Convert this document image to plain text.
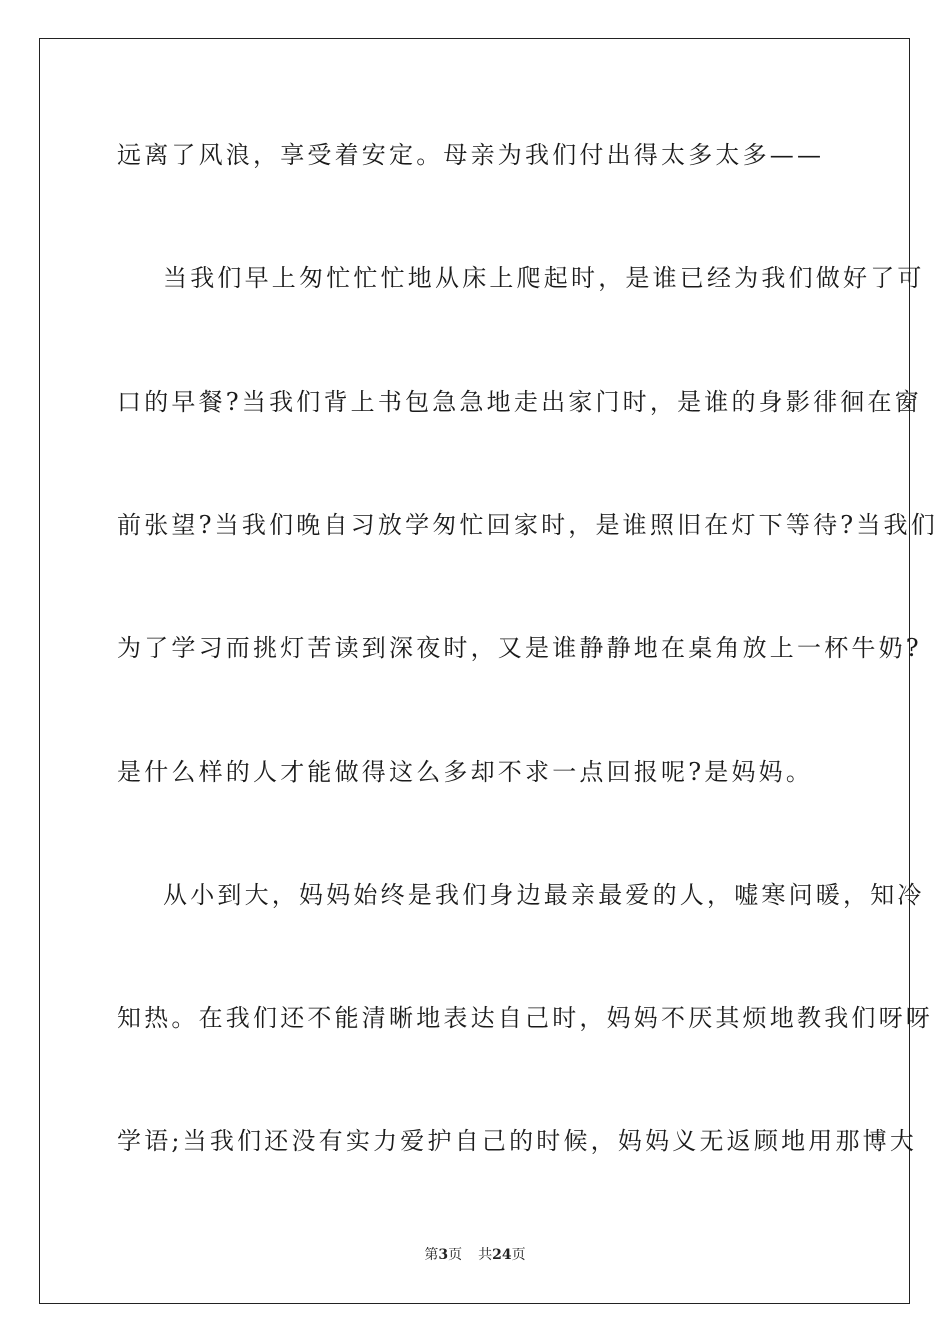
远离了风浪，享受着安定。母亲为我们付出得太多太多——
当我们早上匆忙忙忙地从床上爬起时，是谁已经为我们做好了可
口的早餐?当我们背上书包急急地走出家门时，是谁的身影徘徊在窗
前张望?当我们晚自习放学匆忙回家时，是谁照旧在灯下等待?当我们
为了学习而挑灯苦读到深夜时，又是谁静静地在桌角放上一杯牛奶?
是什么样的人才能做得这么多却不求一点回报呢?是妈妈。
从小到大，妈妈始终是我们身边最亲最爱的人，嘘寒问暖，知冷
知热。在我们还不能清晰地表达自己时，妈妈不厌其烦地教我们呀呀
学语;当我们还没有实力爱护自己的时候，妈妈义无返顾地用那博大
第3页 共24页
